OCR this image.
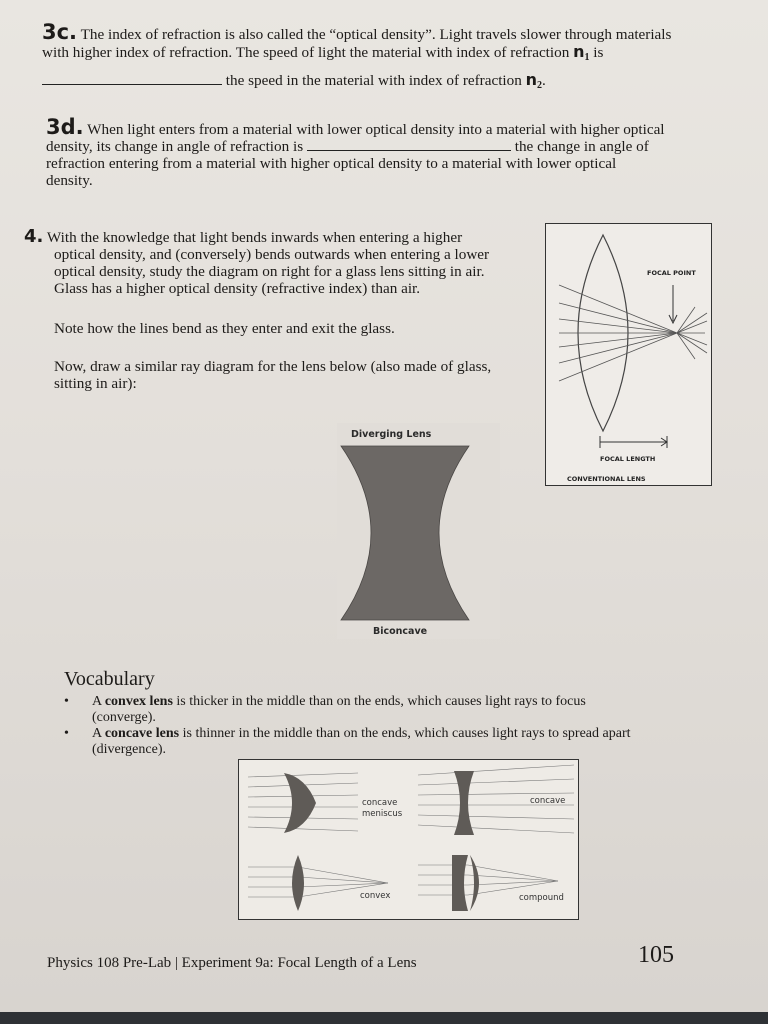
3c. The index of refraction is also called the “optical density”. Light travels slower through materials
with higher index of refraction. The speed of light the material with index of refraction $n_1$ is
the speed in the material with index of refraction $n_2$.
3d. When light enters from a material with lower optical density into a material with higher optical
density, its change in angle of refraction is	the change in angle of
refraction entering from a material with higher optical density to a material with lower optical
density.
4. With the knowledge that light bends inwards when entering a higher
optical density, and (conversely) bends outwards when entering a lower
optical density, study the diagram on right for a glass lens sitting in air.
Glass has a higher optical density (refractive index) than air.
Note how the lines bend as they enter and exit the glass.
Now, draw a similar ray diagram for the lens below (also made of glass,
sitting in air):
FOCAL POINT
FOCAL LENGTH
CONVENTIONAL LENS
Diverging Lens
Biconcave
Vocabulary
• A convex lens is thicker in the middle than on the ends, which causes light rays to focus
(converge).
• A concave lens is thinner in the middle than on the ends, which causes light rays to spread apart
(divergence).
concave
meniscus
concave
convex	compound
Physics 108 Pre-Lab | Experiment 9a: Focal Length of a Lens	105
